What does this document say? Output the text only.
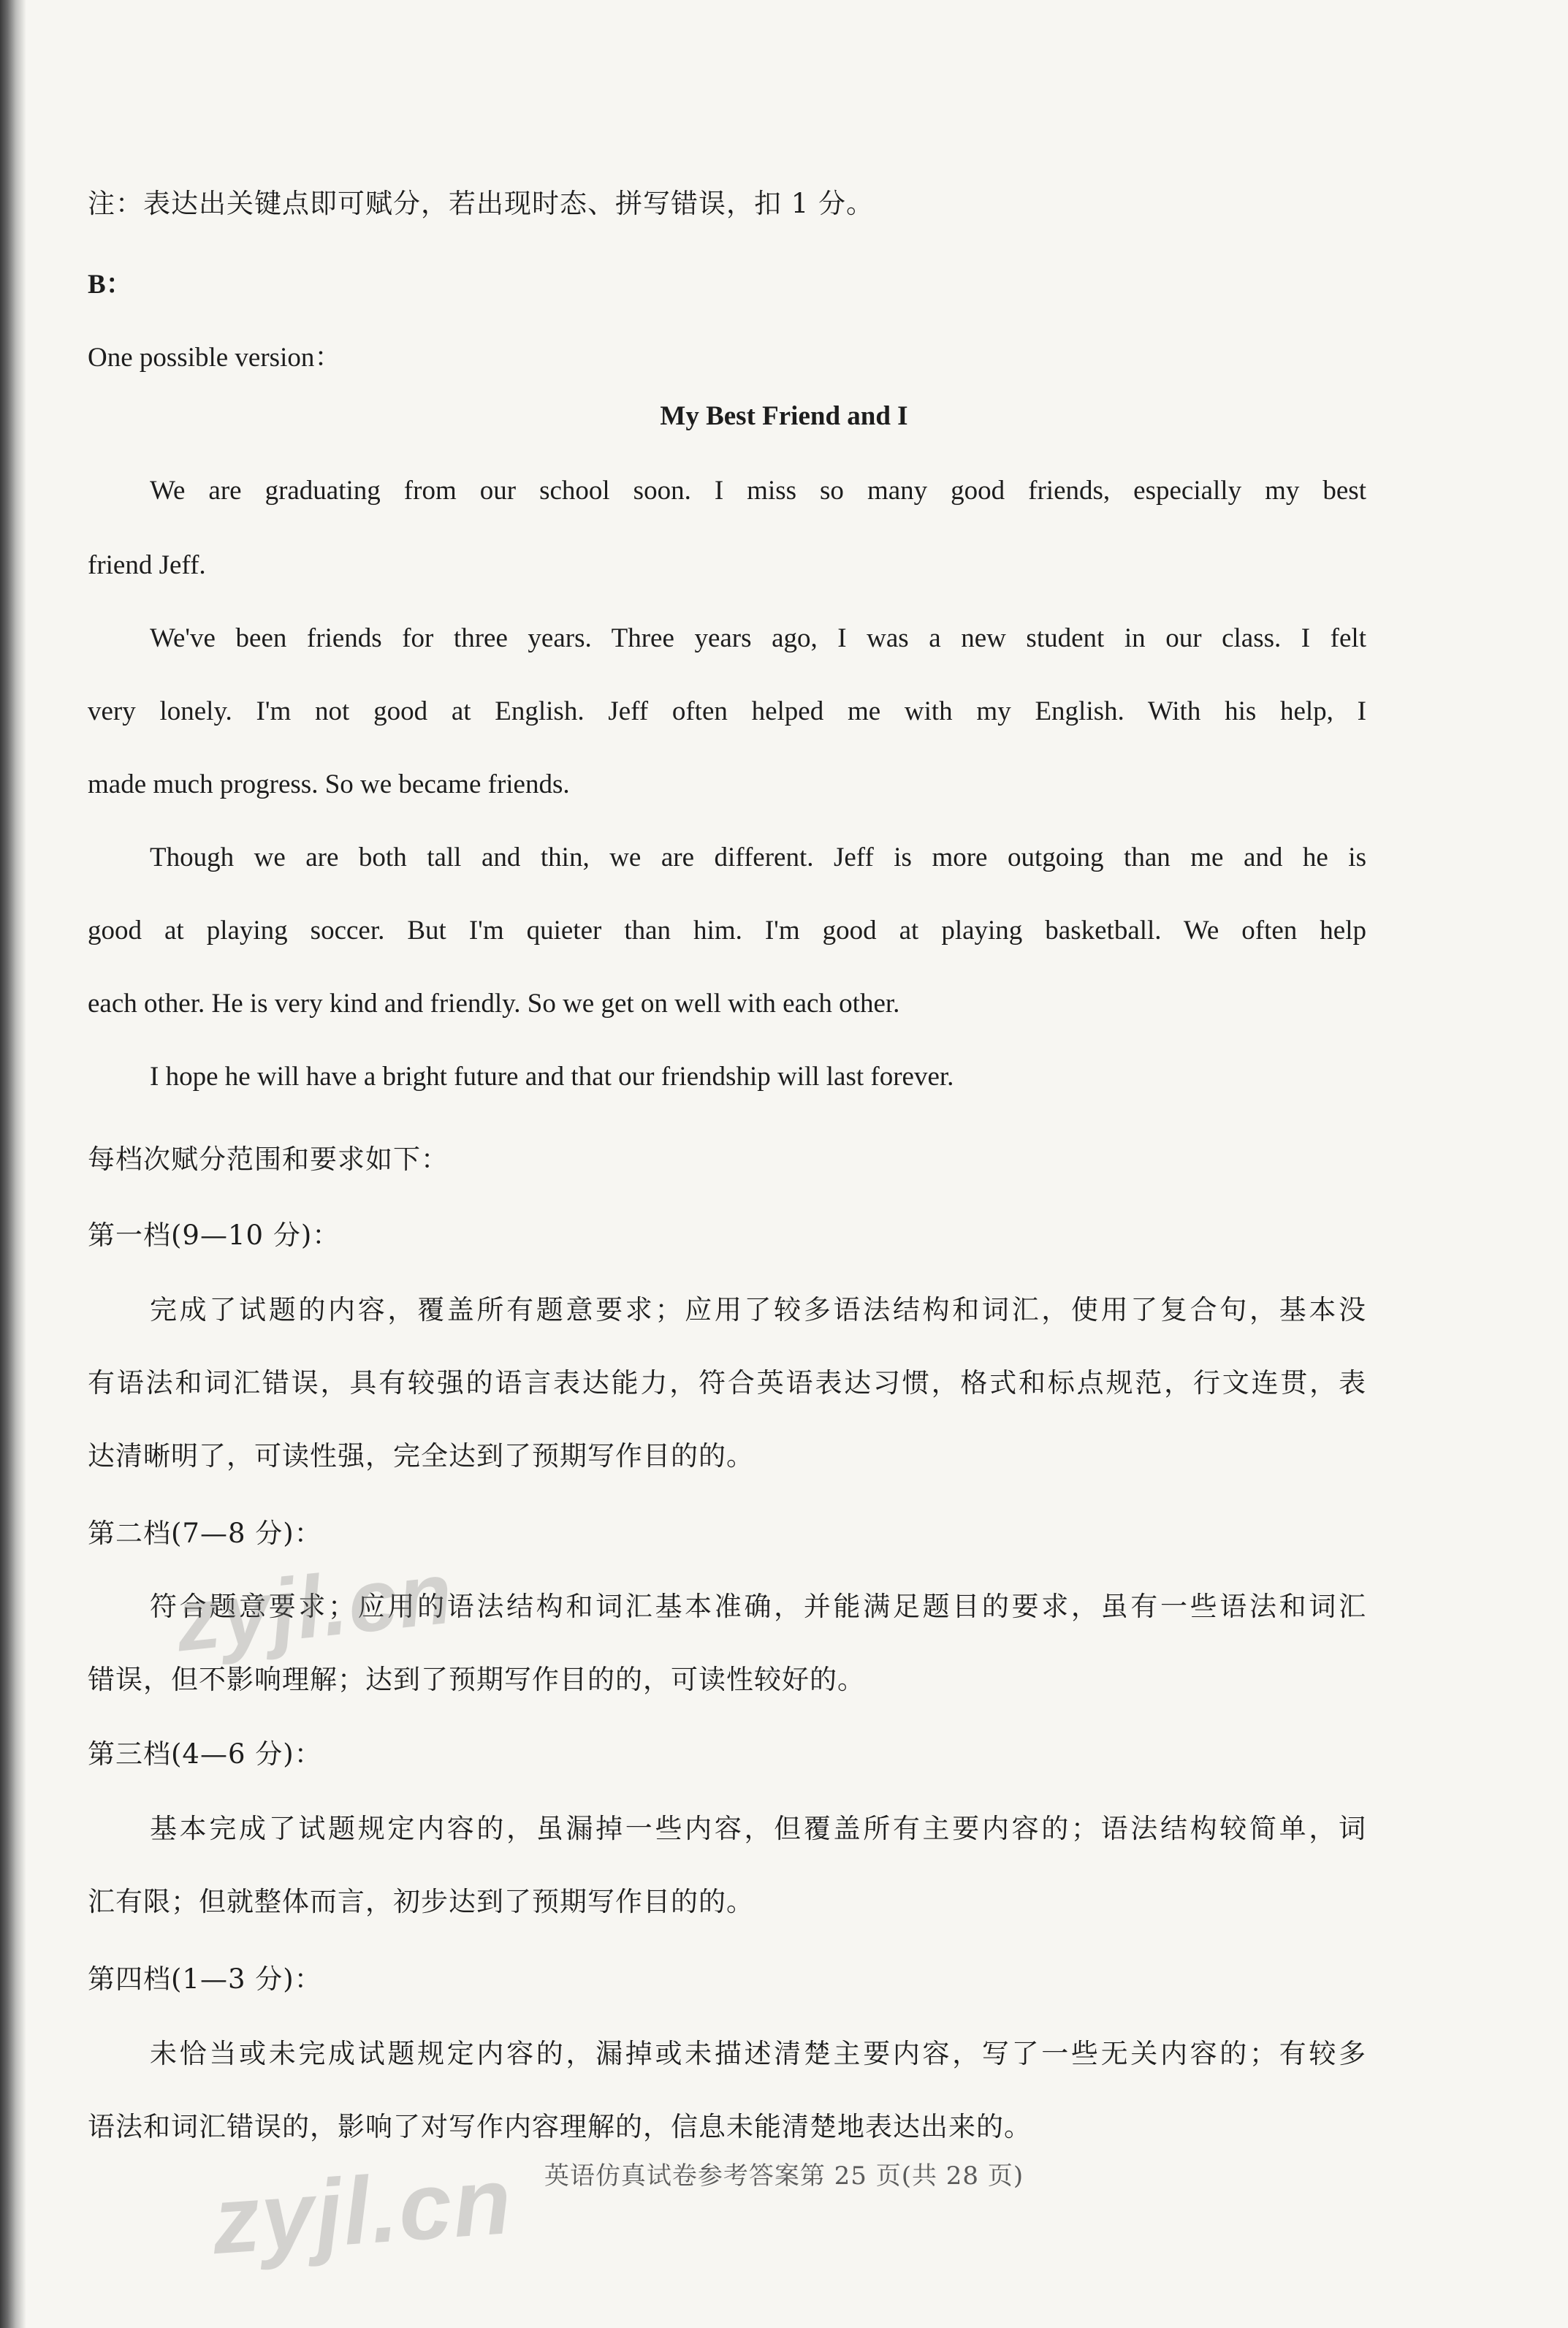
注：表达出关键点即可赋分，若出现时态、拼写错误，扣 1 分。
B：
One possible version：
My Best Friend and I
We are graduating from our school soon. I miss so many good friends, especially my best
friend Jeff.
We've been friends for three years. Three years ago, I was a new student in our class. I felt
very lonely. I'm not good at English. Jeff often helped me with my English. With his help, I
made much progress. So we became friends.
Though we are both tall and thin, we are different. Jeff is more outgoing than me and he is
good at playing soccer. But I'm quieter than him. I'm good at playing basketball. We often help
each other. He is very kind and friendly. So we get on well with each other.
I hope he will have a bright future and that our friendship will last forever.
每档次赋分范围和要求如下：
第一档(9—10 分)：
完成了试题的内容，覆盖所有题意要求；应用了较多语法结构和词汇，使用了复合句，基本没
有语法和词汇错误，具有较强的语言表达能力，符合英语表达习惯，格式和标点规范，行文连贯，表
达清晰明了，可读性强，完全达到了预期写作目的的。
第二档(7—8 分)：
符合题意要求；应用的语法结构和词汇基本准确，并能满足题目的要求，虽有一些语法和词汇
错误，但不影响理解；达到了预期写作目的的，可读性较好的。
第三档(4—6 分)：
基本完成了试题规定内容的，虽漏掉一些内容，但覆盖所有主要内容的；语法结构较简单，词
汇有限；但就整体而言，初步达到了预期写作目的的。
第四档(1—3 分)：
未恰当或未完成试题规定内容的，漏掉或未描述清楚主要内容，写了一些无关内容的；有较多
语法和词汇错误的，影响了对写作内容理解的，信息未能清楚地表达出来的。
zyjl.cn
zyjl.cn	英语仿真试卷参考答案第 25 页(共 28 页)
